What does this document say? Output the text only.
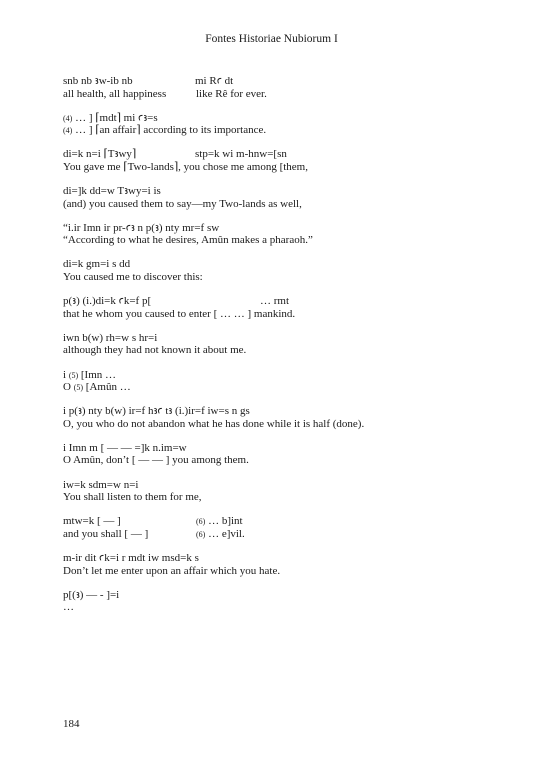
Fontes Historiae Nubiorum I
snb nb ꜣw-ib nb	mi Rꜥ dt
all health, all happiness	like Rê for ever.
(4) … ] ⌈mdt⌉ mi ꜥꜣ=s
(4) … ] ⌈an affair⌉ according to its importance.
di=k n=i ⌈Tꜣwy⌉	stp=k wi m-hnw=[sn
You gave me ⌈Two-lands⌉, you chose me among [them,
di=]k dd=w Tꜣwy=i is
(and) you caused them to say—my Two-lands as well,
“i.ir Imn ir pr-ꜥꜣ n p(ꜣ) nty mr=f sw
“According to what he desires, Amûn makes a pharaoh.”
di=k gm=i s dd
You caused me to discover this:
p(ꜣ) (i.)di=k ꜥk=f p[	… rmt
that he whom you caused to enter [ … … ] mankind.
iwn b(w) rh=w s hr=i
although they had not known it about me.
i (5) [Imn …
O (5) [Amûn …
i p(ꜣ) nty b(w) ir=f hꜣꜥ tꜣ (i.)ir=f iw=s n gs
O, you who do not abandon what he has done while it is half (done).
i Imn m [ — — =]k n.im=w
O Amûn, don’t [ — — ] you among them.
iw=k sdm=w n=i
You shall listen to them for me,
mtw=k [ — ]	(6) … b]int
and you shall [ — ]	(6) … e]vil.
m-ir dit ꜥk=i r mdt iw msd=k s
Don’t let me enter upon an affair which you hate.
p[(ꜣ) — - ]=i
…
184
